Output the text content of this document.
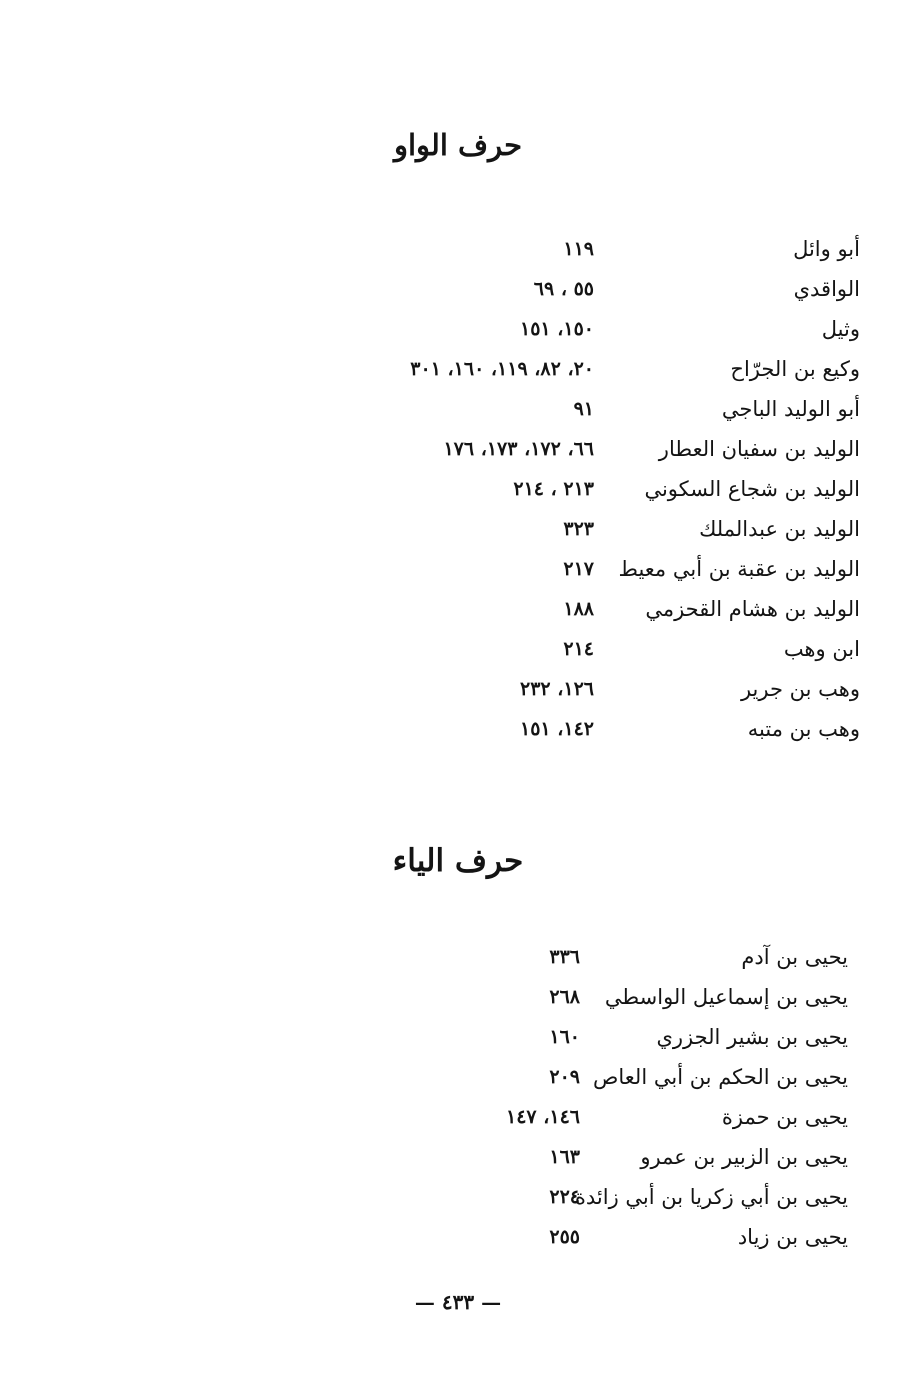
حرف الواو
أبو وائل
١١٩
الواقدي
٥٥ ، ٦٩
وثيل
١٥٠، ١٥١
وكيع بن الجرّاح
٢٠، ٨٢، ١١٩، ١٦٠، ٣٠١
أبو الوليد الباجي
٩١
الوليد بن سفيان العطار
٦٦، ١٧٢، ١٧٣، ١٧٦
الوليد بن شجاع السكوني
٢١٣ ، ٢١٤
الوليد بن عبدالملك
٣٢٣
الوليد بن عقبة بن أبي معيط
٢١٧
الوليد بن هشام القحزمي
١٨٨
ابن وهب
٢١٤
وهب بن جرير
١٢٦، ٢٣٢
وهب بن متبه
١٤٢، ١٥١
حرف الياء
يحيى بن آدم
٣٣٦
يحيى بن إسماعيل الواسطي
٢٦٨
يحيى بن بشير الجزري
١٦٠
يحيى بن الحكم بن أبي العاص
٢٠٩
يحيى بن حمزة
١٤٦، ١٤٧
يحيى بن الزبير بن عمرو
١٦٣
يحيى بن أبي زكريا بن أبي زائدة
٢٢٤
يحيى بن زياد
٢٥٥
— ٤٣٣ —
